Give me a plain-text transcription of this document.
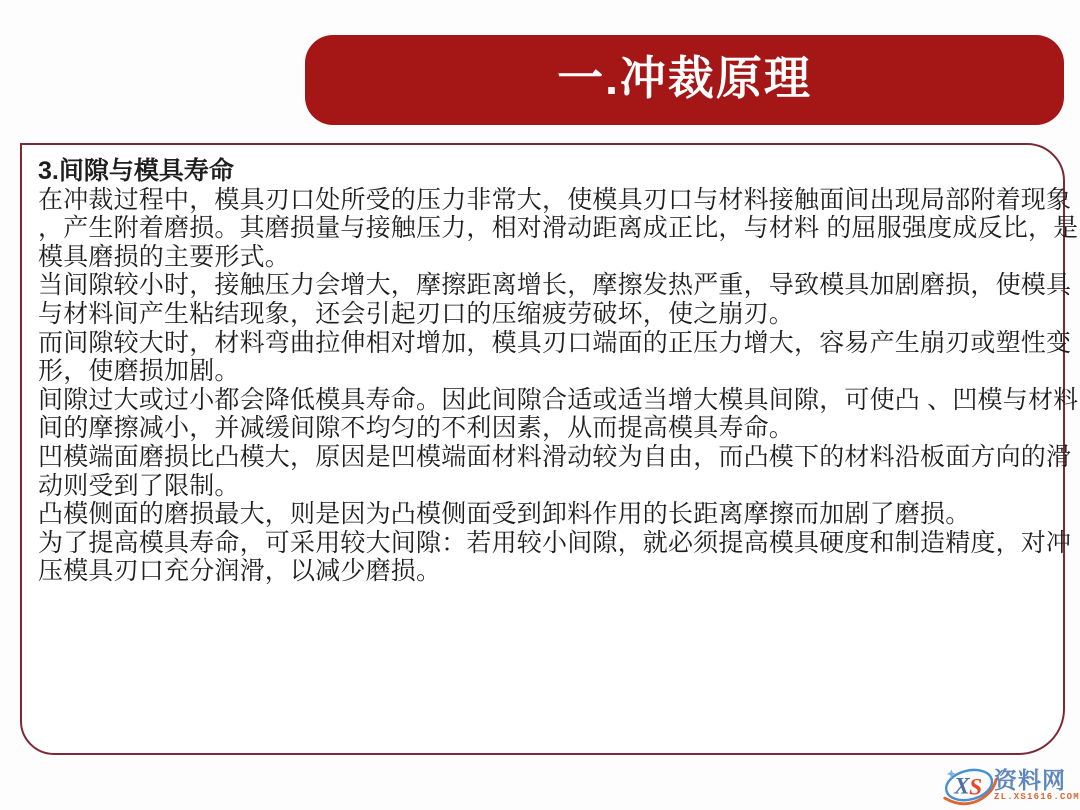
一.冲裁原理
3.间隙与模具寿命
在冲裁过程中，模具刃口处所受的压力非常大，使模具刃口与材料接触面间出现局部附着现象
，产生附着磨损。其磨损量与接触压力，相对滑动距离成正比，与材料 的屈服强度成反比，是
模具磨损的主要形式。
当间隙较小时，接触压力会增大，摩擦距离增长，摩擦发热严重，导致模具加剧磨损，使模具
与材料间产生粘结现象，还会引起刃口的压缩疲劳破坏，使之崩刃。
而间隙较大时，材料弯曲拉伸相对增加，模具刃口端面的正压力增大，容易产生崩刃或塑性变
形，使磨损加剧。
间隙过大或过小都会降低模具寿命。因此间隙合适或适当增大模具间隙，可使凸 、凹模与材料
间的摩擦减小，并减缓间隙不均匀的不利因素，从而提高模具寿命。
凹模端面磨损比凸模大，原因是凹模端面材料滑动较为自由，而凸模下的材料沿板面方向的滑
动则受到了限制。
凸模侧面的磨损最大，则是因为凸模侧面受到卸料作用的长距离摩擦而加剧了磨损。
为了提高模具寿命，可采用较大间隙：若用较小间隙，就必须提高模具硬度和制造精度，对冲
压模具刃口充分润滑，以减少磨损。
X S 资料网
ZL.XS1616.COM
